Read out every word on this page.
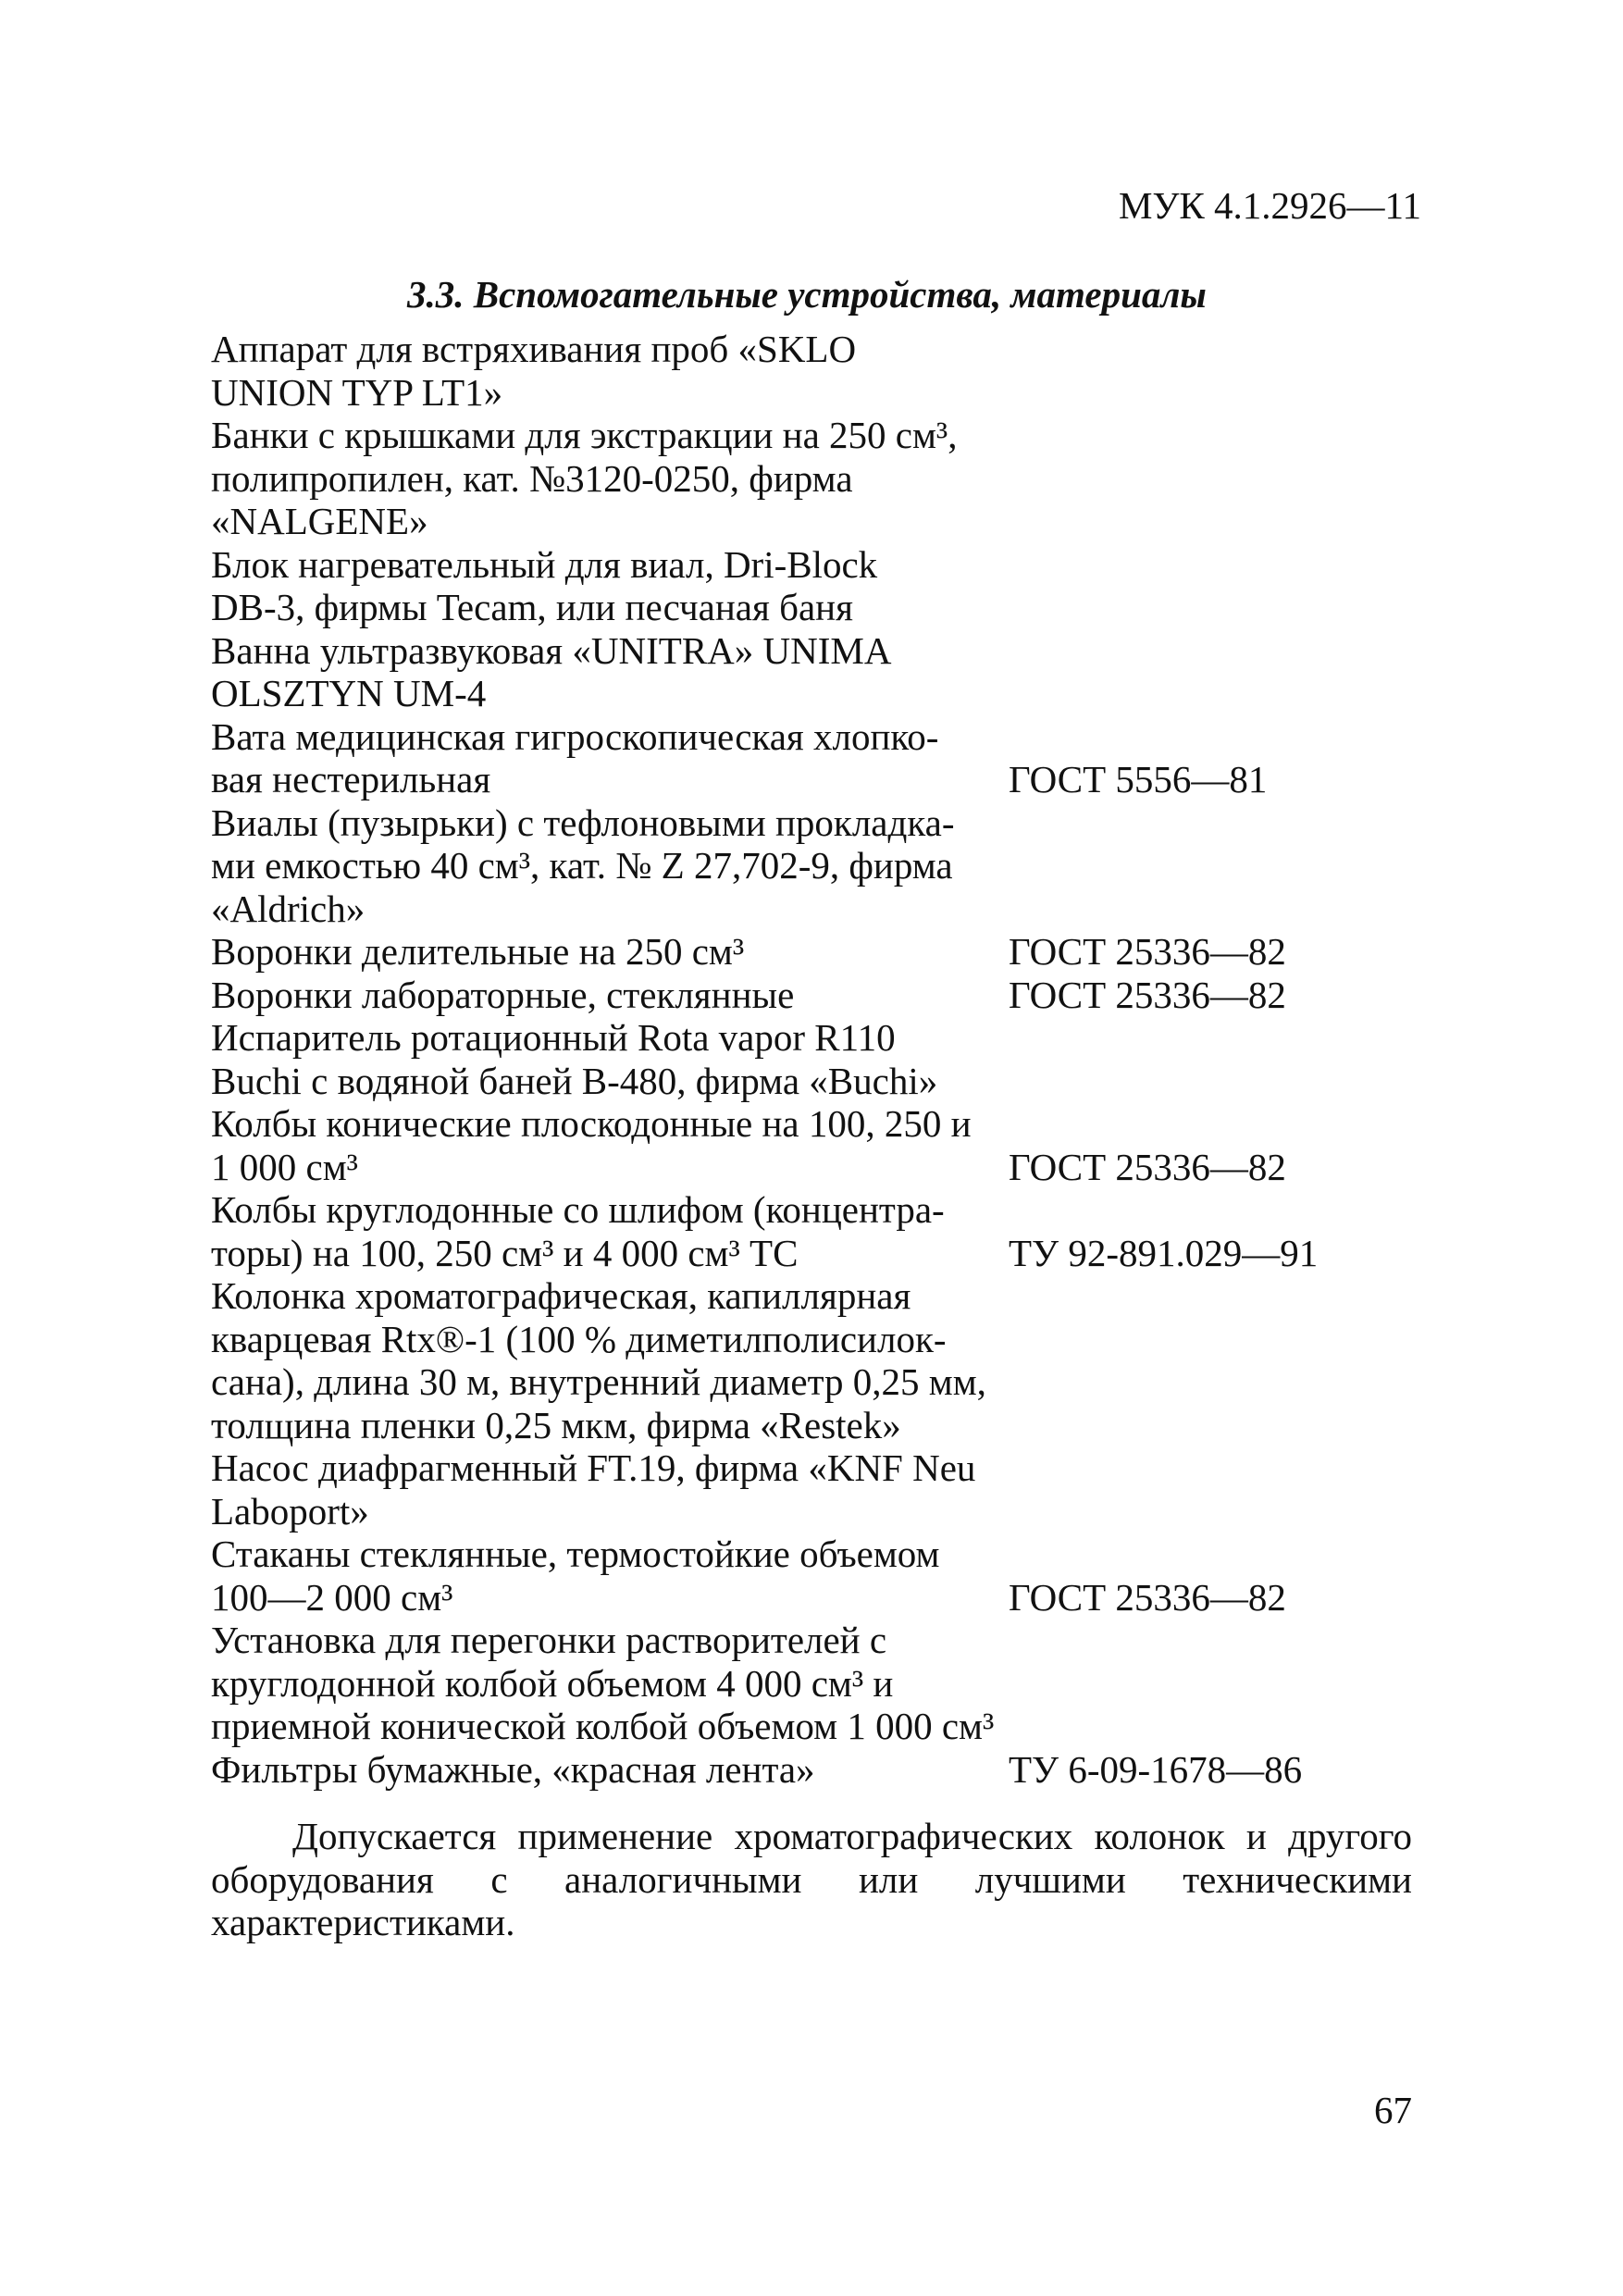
МУК 4.1.2926—11
3.3. Вспомогательные устройства, материалы
Аппарат для встряхивания проб «SKLO
UNION TYP LT1»
Банки с крышками для экстракции на 250 см³,
полипропилен, кат. №3120-0250, фирма
«NALGENE»
Блок нагревательный для виал, Dri-Block
DB-3, фирмы Tecam, или песчаная баня
Ванна ультразвуковая «UNITRA» UNIMA
OLSZTYN UM-4
Вата медицинская гигроскопическая хлопко-
вая нестерильная	ГОСТ 5556—81
Виалы (пузырьки) с тефлоновыми прокладка-
ми емкостью 40 см³, кат. № Z 27,702-9, фирма
«Aldrich»
Воронки делительные на 250 см³	ГОСТ 25336—82
Воронки лабораторные, стеклянные	ГОСТ 25336—82
Испаритель ротационный Rota vapor R110
Buchi с водяной баней B-480, фирма «Buchi»
Колбы конические плоскодонные на 100, 250 и
1 000 см³	ГОСТ 25336—82
Колбы круглодонные со шлифом (концентра-
торы) на 100, 250 см³ и 4 000 см³ ТС	ТУ 92-891.029—91
Колонка хроматографическая, капиллярная
кварцевая Rtx®-1 (100 % диметилполисилок-
сана), длина 30 м, внутренний диаметр 0,25 мм,
толщина пленки 0,25 мкм, фирма «Restek»
Насос диафрагменный FT.19, фирма «KNF Neu
Laboport»
Стаканы стеклянные, термостойкие объемом
100—2 000 см³	ГОСТ 25336—82
Установка для перегонки растворителей с
круглодонной колбой объемом 4 000 см³ и
приемной конической колбой объемом 1 000 см³
Фильтры бумажные, «красная лента»	ТУ 6-09-1678—86
Допускается применение хроматографических колонок и другого оборудования с аналогичными или лучшими техническими характеристиками.
67
